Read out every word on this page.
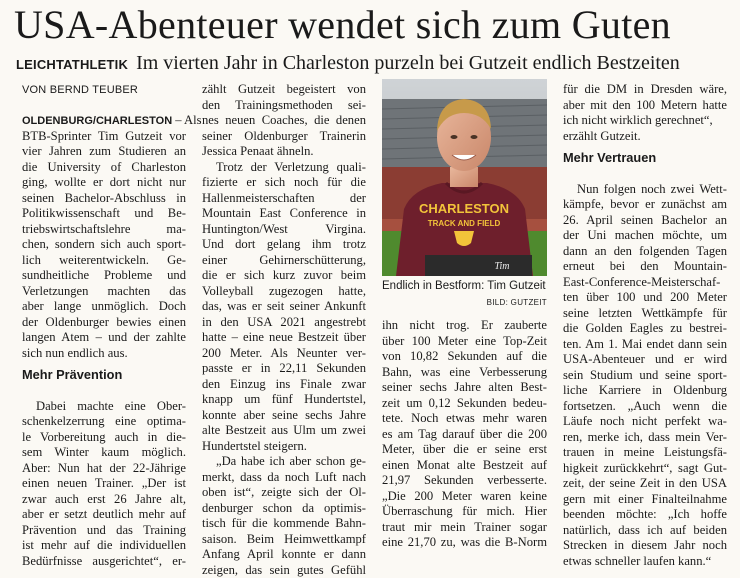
USA-Abenteuer wendet sich zum Guten
LEICHTATHLETIK Im vierten Jahr in Charleston purzeln bei Gutzeit endlich Bestzeiten
VON BERND TEUBER
OLDENBURG/CHARLESTON – Als
BTB-Sprinter Tim Gutzeit vor
vier Jahren zum Studieren an
die University of Charleston
ging, wollte er dort nicht nur
seinen Bachelor-Abschluss in
Politikwissenschaft und Be-
triebswirtschaftslehre ma-
chen, sondern sich auch sport-
lich weiterentwickeln. Ge-
sundheitliche Probleme und
Verletzungen machten das
aber lange unmöglich. Doch
der Oldenburger bewies einen
langen Atem – und der zahlte
sich nun endlich aus.
Mehr Prävention
Dabei machte eine Ober-
schenkelzerrung eine optima-
le Vorbereitung auch in die-
sem Winter kaum möglich.
Aber: Nun hat der 22-Jährige
einen neuen Trainer. „Der ist
zwar auch erst 26 Jahre alt,
aber er setzt deutlich mehr auf
Prävention und das Training
ist mehr auf die individuellen
Bedürfnisse ausgerichtet“, er-
zählt Gutzeit begeistert von
den Trainingsmethoden sei-
nes neuen Coaches, die denen
seiner Oldenburger Trainerin
Jessica Penaat ähneln.
Trotz der Verletzung quali-
fizierte er sich noch für die
Hallenmeisterschaften der
Mountain East Conference in
Huntington/West Virgina.
Und dort gelang ihm trotz
einer Gehirnerschütterung,
die er sich kurz zuvor beim
Volleyball zugezogen hatte,
das, was er seit seiner Ankunft
in den USA 2021 angestrebt
hatte – eine neue Bestzeit über
200 Meter. Als Neunter ver-
passte er in 22,11 Sekunden
den Einzug ins Finale zwar
knapp um fünf Hundertstel,
konnte aber seine sechs Jahre
alte Bestzeit aus Ulm um zwei
Hundertstel steigern.
„Da habe ich aber schon ge-
merkt, dass da noch Luft nach
oben ist“, zeigte sich der Ol-
denburger schon da optimis-
tisch für die kommende Bahn-
saison. Beim Heimwettkampf
Anfang April konnte er dann
zeigen, das sein gutes Gefühl
CHARLESTON
TRACK AND FIELD
Tim
Endlich in Bestform: Tim Gutzeit
BILD: GUTZEIT
ihn nicht trog. Er zauberte
über 100 Meter eine Top-Zeit
von 10,82 Sekunden auf die
Bahn, was eine Verbesserung
seiner sechs Jahre alten Best-
zeit um 0,12 Sekunden bedeu-
tete. Noch etwas mehr waren
es am Tag darauf über die 200
Meter, über die er seine erst
einen Monat alte Bestzeit auf
21,97 Sekunden verbesserte.
„Die 200 Meter waren keine
Überraschung für mich. Hier
traut mir mein Trainer sogar
eine 21,70 zu, was die B-Norm
für die DM in Dresden wäre,
aber mit den 100 Metern hatte
ich nicht wirklich gerechnet“,
erzählt Gutzeit.
Mehr Vertrauen
Nun folgen noch zwei Wett-
kämpfe, bevor er zunächst am
26. April seinen Bachelor an
der Uni machen möchte, um
dann an den folgenden Tagen
erneut bei den Mountain-
East-Conference-Meisterschaf-
ten über 100 und 200 Meter
seine letzten Wettkämpfe für
die Golden Eagles zu bestrei-
ten. Am 1. Mai endet dann sein
USA-Abenteuer und er wird
sein Studium und seine sport-
liche Karriere in Oldenburg
fortsetzen. „Auch wenn die
Läufe noch nicht perfekt wa-
ren, merke ich, dass mein Ver-
trauen in meine Leistungsfä-
higkeit zurückkehrt“, sagt Gut-
zeit, der seine Zeit in den USA
gern mit einer Finalteilnahme
beenden möchte: „Ich hoffe
natürlich, dass ich auf beiden
Strecken in diesem Jahr noch
etwas schneller laufen kann.“
